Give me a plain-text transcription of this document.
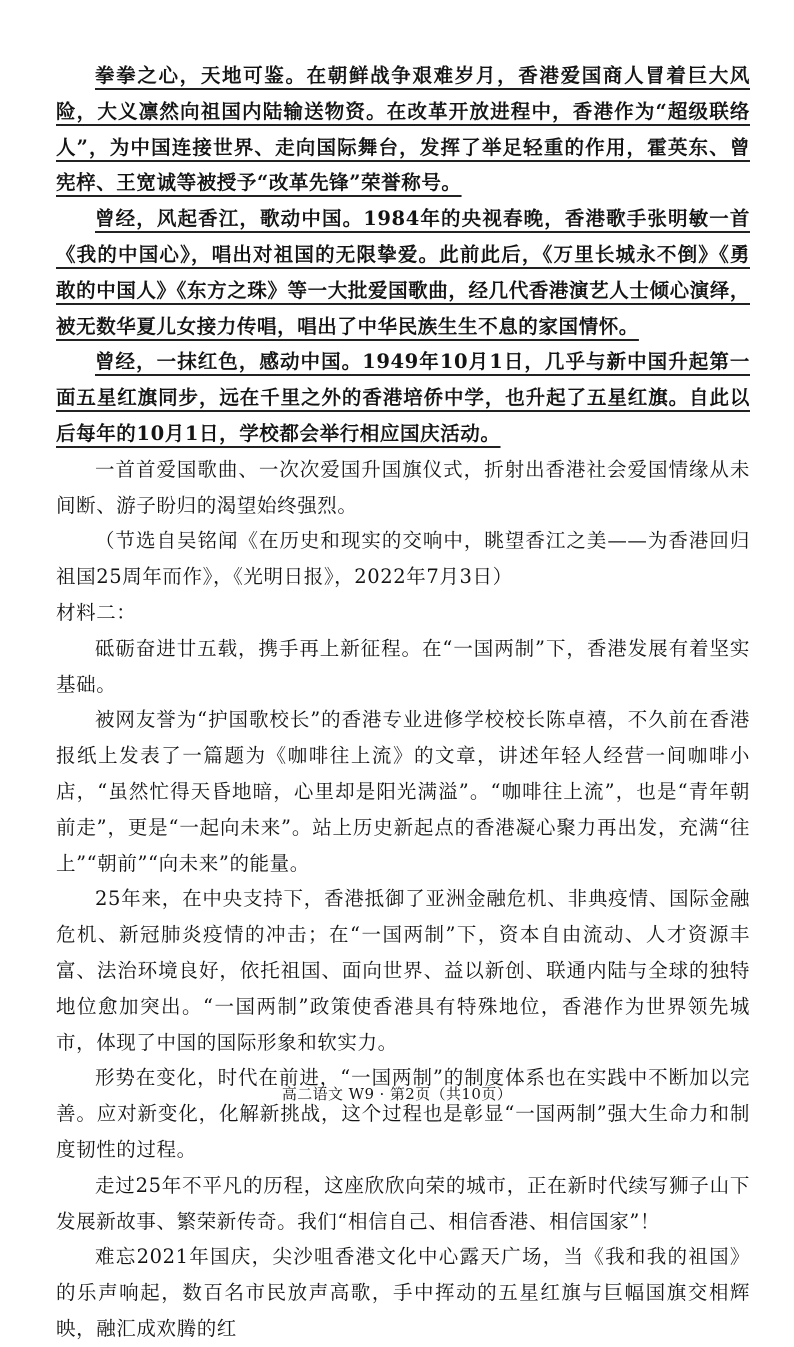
拳拳之心，天地可鉴。在朝鲜战争艰难岁月，香港爱国商人冒着巨大风险，大义凛然向祖国内陆输送物资。在改革开放进程中，香港作为“超级联络人”，为中国连接世界、走向国际舞台，发挥了举足轻重的作用，霍英东、曾宪梓、王宽诚等被授予“改革先锋”荣誉称号。

曾经，风起香江，歌动中国。1984年的央视春晚，香港歌手张明敏一首《我的中国心》，唱出对祖国的无限挚爱。此前此后，《万里长城永不倒》《勇敢的中国人》《东方之珠》等一大批爱国歌曲，经几代香港演艺人士倾心演绎，被无数华夏儿女接力传唱，唱出了中华民族生生不息的家国情怀。

曾经，一抹红色，感动中国。1949年10月1日，几乎与新中国升起第一面五星红旗同步，远在千里之外的香港培侨中学，也升起了五星红旗。自此以后每年的10月1日，学校都会举行相应国庆活动。

一首首爱国歌曲、一次次爱国升国旗仪式，折射出香港社会爱国情缘从未间断、游子盼归的渴望始终强烈。

（节选自吴铭闻《在历史和现实的交响中，眺望香江之美——为香港回归祖国25周年而作》，《光明日报》，2022年7月3日）

材料二：

砥砺奋进廿五载，携手再上新征程。在“一国两制”下，香港发展有着坚实基础。

被网友誉为“护国歌校长”的香港专业进修学校校长陈卓禧，不久前在香港报纸上发表了一篇题为《咖啡往上流》的文章，讲述年轻人经营一间咖啡小店，“虽然忙得天昏地暗，心里却是阳光满溢”。“咖啡往上流”，也是“青年朝前走”，更是“一起向未来”。站上历史新起点的香港凝心聚力再出发，充满“往上”“朝前”“向未来”的能量。

25年来，在中央支持下，香港抵御了亚洲金融危机、非典疫情、国际金融危机、新冠肺炎疫情的冲击；在“一国两制”下，资本自由流动、人才资源丰富、法治环境良好，依托祖国、面向世界、益以新创、联通内陆与全球的独特地位愈加突出。“一国两制”政策使香港具有特殊地位，香港作为世界领先城市，体现了中国的国际形象和软实力。

形势在变化，时代在前进，“一国两制”的制度体系也在实践中不断加以完善。应对新变化，化解新挑战，这个过程也是彰显“一国两制”强大生命力和制度韧性的过程。

走过25年不平凡的历程，这座欣欣向荣的城市，正在新时代续写狮子山下发展新故事、繁荣新传奇。我们“相信自己、相信香港、相信国家”！

难忘2021年国庆，尖沙咀香港文化中心露天广场，当《我和我的祖国》的乐声响起，数百名市民放声高歌，手中挥动的五星红旗与巨幅国旗交相辉映，融汇成欢腾的红

高二语文 W9 · 第2页（共10页）
